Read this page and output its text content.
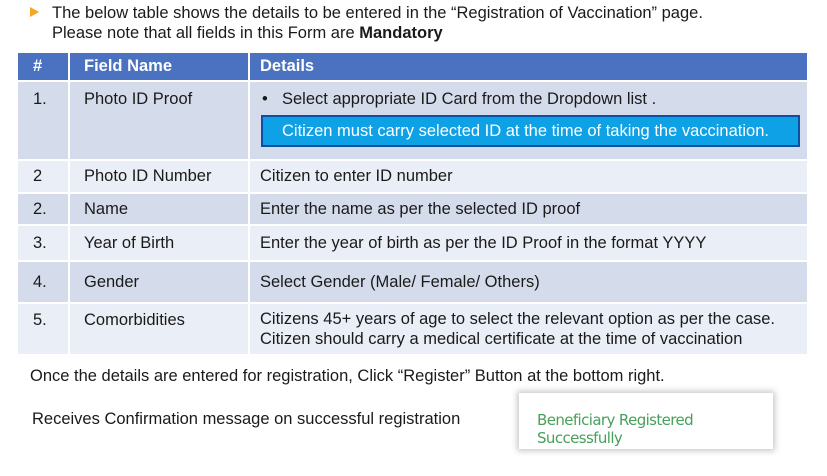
The below table shows the details to be entered in the “Registration of Vaccination” page.
Please note that all fields in this Form are Mandatory
#	Field Name	Details

1.	Photo ID Proof	• Select appropriate ID Card from the Dropdown list .
Citizen must carry selected ID at the time of taking the vaccination.

2	Photo ID Number	Citizen to enter ID number
2.	Name	Enter the name as per the selected ID proof
3.	Year of Birth	Enter the year of birth as per the ID Proof in the format YYYY
4.	Gender	Select Gender (Male/ Female/ Others)
5.	Comorbidities	Citizens 45+ years of age to select the relevant option as per the case.
Citizen should carry a medical certificate at the time of vaccination
Once the details are entered for registration, Click “Register” Button at the bottom right.
Receives Confirmation message on successful registration	Beneficiary Registered Successfully
